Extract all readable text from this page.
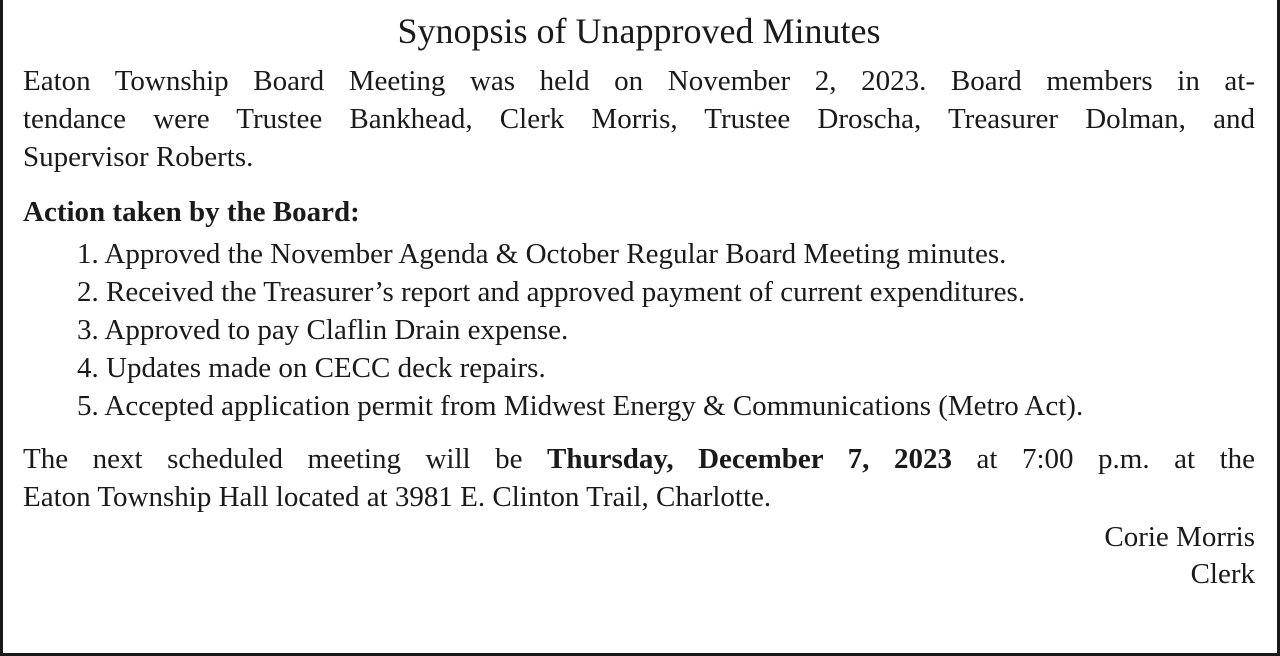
Synopsis of Unapproved Minutes
Eaton Township Board Meeting was held on November 2, 2023. Board members in at-
tendance were Trustee Bankhead, Clerk Morris, Trustee Droscha, Treasurer Dolman, and
Supervisor Roberts.
Action taken by the Board:
1. Approved the November Agenda & October Regular Board Meeting minutes.
2. Received the Treasurer’s report and approved payment of current expenditures.
3. Approved to pay Claflin Drain expense.
4. Updates made on CECC deck repairs.
5. Accepted application permit from Midwest Energy & Communications (Metro Act).
The next scheduled meeting will be Thursday, December 7, 2023 at 7:00 p.m. at the
Eaton Township Hall located at 3981 E. Clinton Trail, Charlotte.
Corie Morris
Clerk
